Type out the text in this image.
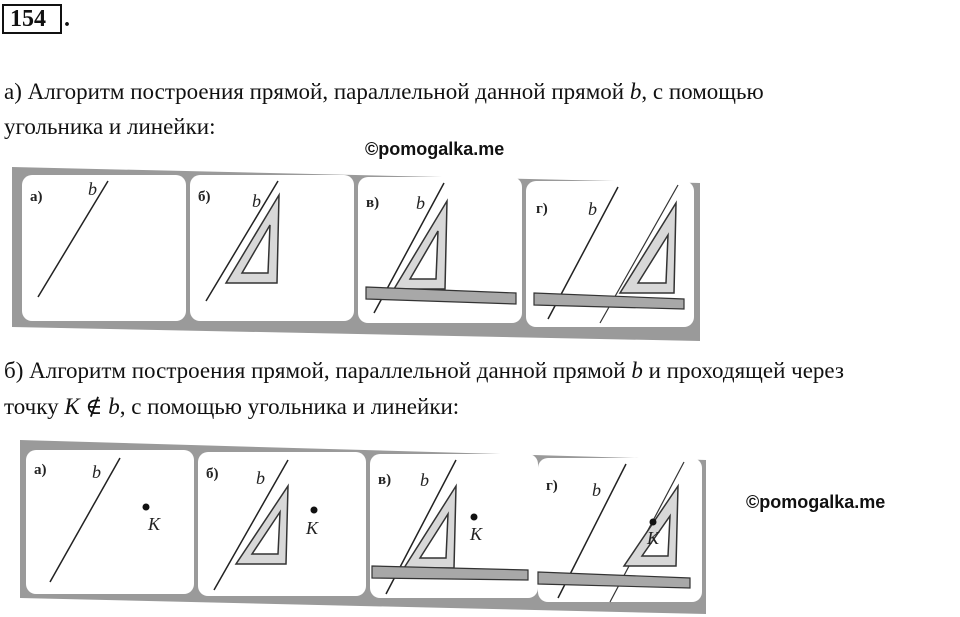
154 .
а) Алгоритм построения прямой, параллельной данной прямой b, с помощью
угольника и линейки:
©pomogalka.me
а)	b	б) b	в) b	г) b
б) Алгоритм построения прямой, параллельной данной прямой b и проходящей через
точку K ∉ b, с помощью угольника и линейки:
а)	b
K
б) b
K
в) b
K
г) b
K
©pomogalka.me
